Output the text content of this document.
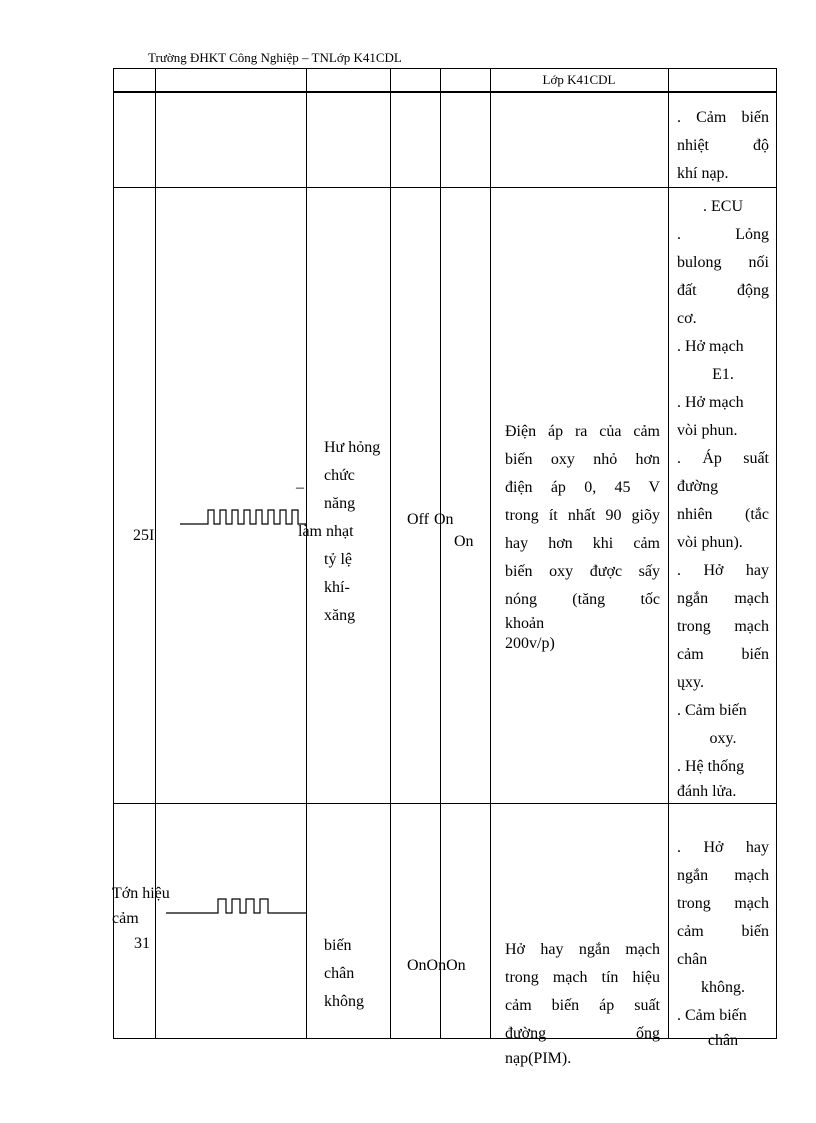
Trường ĐHKT Công Nghiệp – TNLớp K41CDL
Lớp K41CDL
. Cảm biến
nhiệt độ
khí nạp.
25I
–
Hư hỏng
chức
năng
làm nhạt
tỷ lệ
khí-
xăng
Off On
On
Điện áp ra của cảm
biến oxy nhỏ hơn
điện áp 0, 45 V
trong ít nhất 90 giõy
hay hơn khi cảm
biến oxy được sấy
nóng (tăng tốc
khoản
200v/p)
. ECU
. Lỏng
bulong nối
đất động
cơ.
. Hở mạch
E1.
. Hở mạch
vòi phun.
. Áp suất
đường
nhiên (tắc
vòi phun).
. Hở hay
ngắn mạch
trong mạch
cảm biến
ųxy.
. Cảm biến
oxy.
. Hệ thống
đánh lửa.
Tớn hiệu
cảm
31	biến
chân
không
OnOnOn
Hở hay ngắn mạch
trong mạch tín hiệu
cảm biến áp suất
đường ống
nạp(PIM).
. Hở hay
ngắn mạch
trong mạch
cảm biến
chân
không.
. Cảm biến
chân
